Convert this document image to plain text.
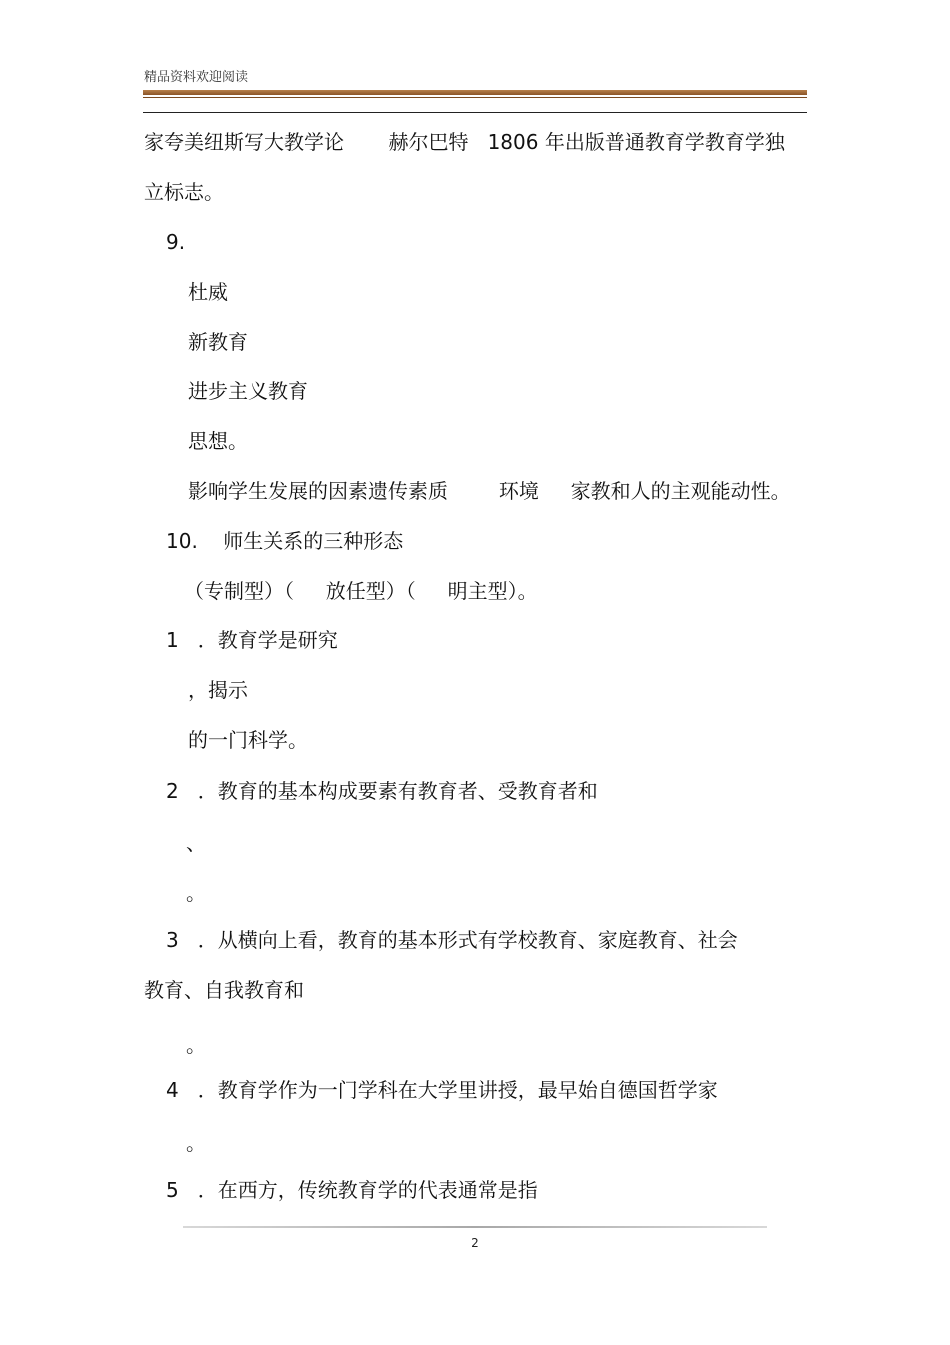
精品资料欢迎阅读
家夸美纽斯写大教学论       赫尔巴特   1806 年出版普通教育学教育学独
立标志。
9.
杜威
新教育
进步主义教育
思想。
影响学生发展的因素遗传素质        环境     家教和人的主观能动性。
10.    师生关系的三种形态
（专制型）（     放任型）（     明主型）。
1   ．教育学是研究
，揭示
的一门科学。
2   ．教育的基本构成要素有教育者、受教育者和
、
。
3   ．从横向上看，教育的基本形式有学校教育、家庭教育、社会
教育、自我教育和
。
4   ．教育学作为一门学科在大学里讲授，最早始自德国哲学家
。
5   ．在西方，传统教育学的代表通常是指
2
